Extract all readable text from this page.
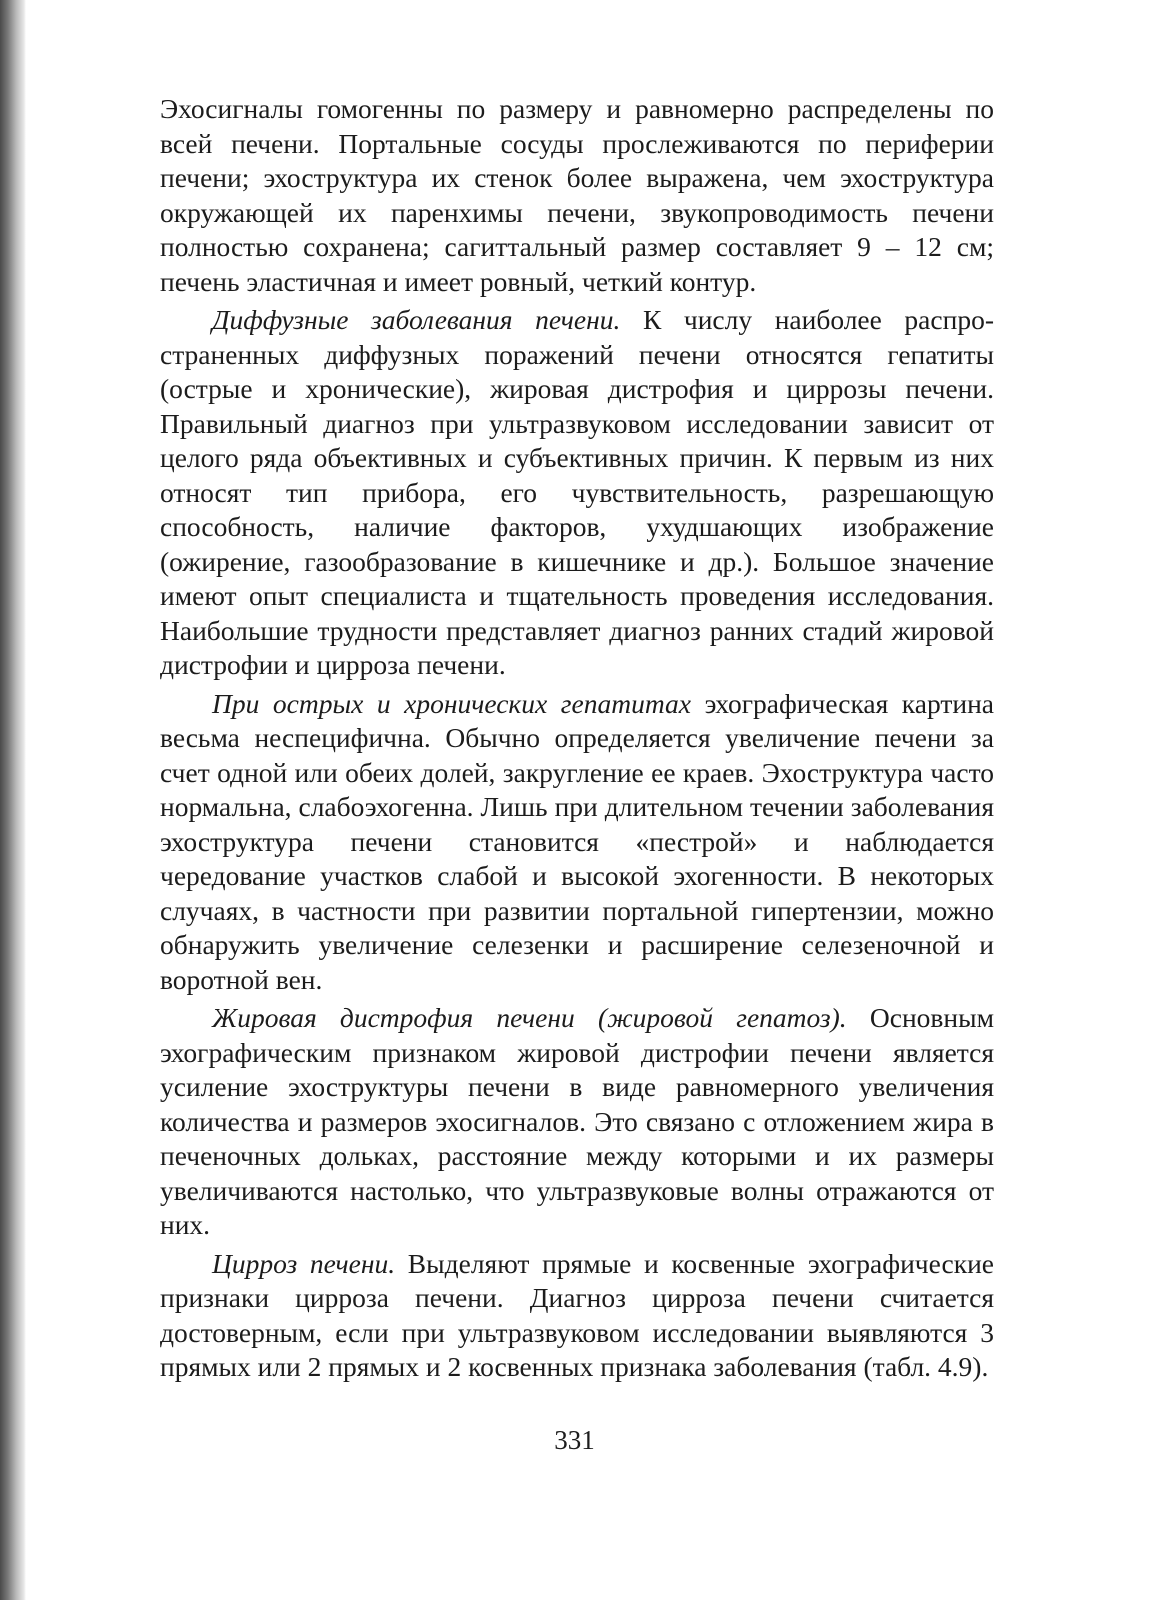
Эхосигналы гомогенны по размеру и равномерно распределены по всей печени. Портальные сосуды прослеживаются по периферии печени; эхоструктура их стенок более выражена, чем эхоструктура окружающей их паренхимы печени, звукопроводимость печени полностью сохранена; сагиттальный размер составляет 9 – 12 см; печень эластичная и имеет ровный, четкий контур.

Диффузные заболевания печени. К числу наиболее распространенных диффузных поражений печени относятся гепатиты (острые и хронические), жировая дистрофия и циррозы печени. Правильный диагноз при ультразвуковом исследовании зависит от целого ряда объективных и субъективных причин. К первым из них относят тип прибора, его чувствительность, разрешающую способность, наличие факторов, ухудшающих изображение (ожирение, газообразование в кишечнике и др.). Большое значение имеют опыт специалиста и тщательность проведения исследования. Наибольшие трудности представляет диагноз ранних стадий жировой дистрофии и цирроза печени.

При острых и хронических гепатитах эхографическая картина весьма неспецифична. Обычно определяется увеличение печени за счет одной или обеих долей, закругление ее краев. Эхоструктура часто нормальна, слабоэхогенна. Лишь при длительном течении заболевания эхоструктура печени становится «пестрой» и наблюдается чередование участков слабой и высокой эхогенности. В некоторых случаях, в частности при развитии портальной гипертензии, можно обнаружить увеличение селезенки и расширение селезеночной и воротной вен.

Жировая дистрофия печени (жировой гепатоз). Основным эхографическим признаком жировой дистрофии печени является усиление эхоструктуры печени в виде равномерного увеличения количества и размеров эхосигналов. Это связано с отложением жира в печеночных дольках, расстояние между которыми и их размеры увеличиваются настолько, что ультразвуковые волны отражаются от них.

Цирроз печени. Выделяют прямые и косвенные эхографические признаки цирроза печени. Диагноз цирроза печени считается достоверным, если при ультразвуковом исследовании выявляются 3 прямых или 2 прямых и 2 косвенных признака заболевания (табл. 4.9).

331
